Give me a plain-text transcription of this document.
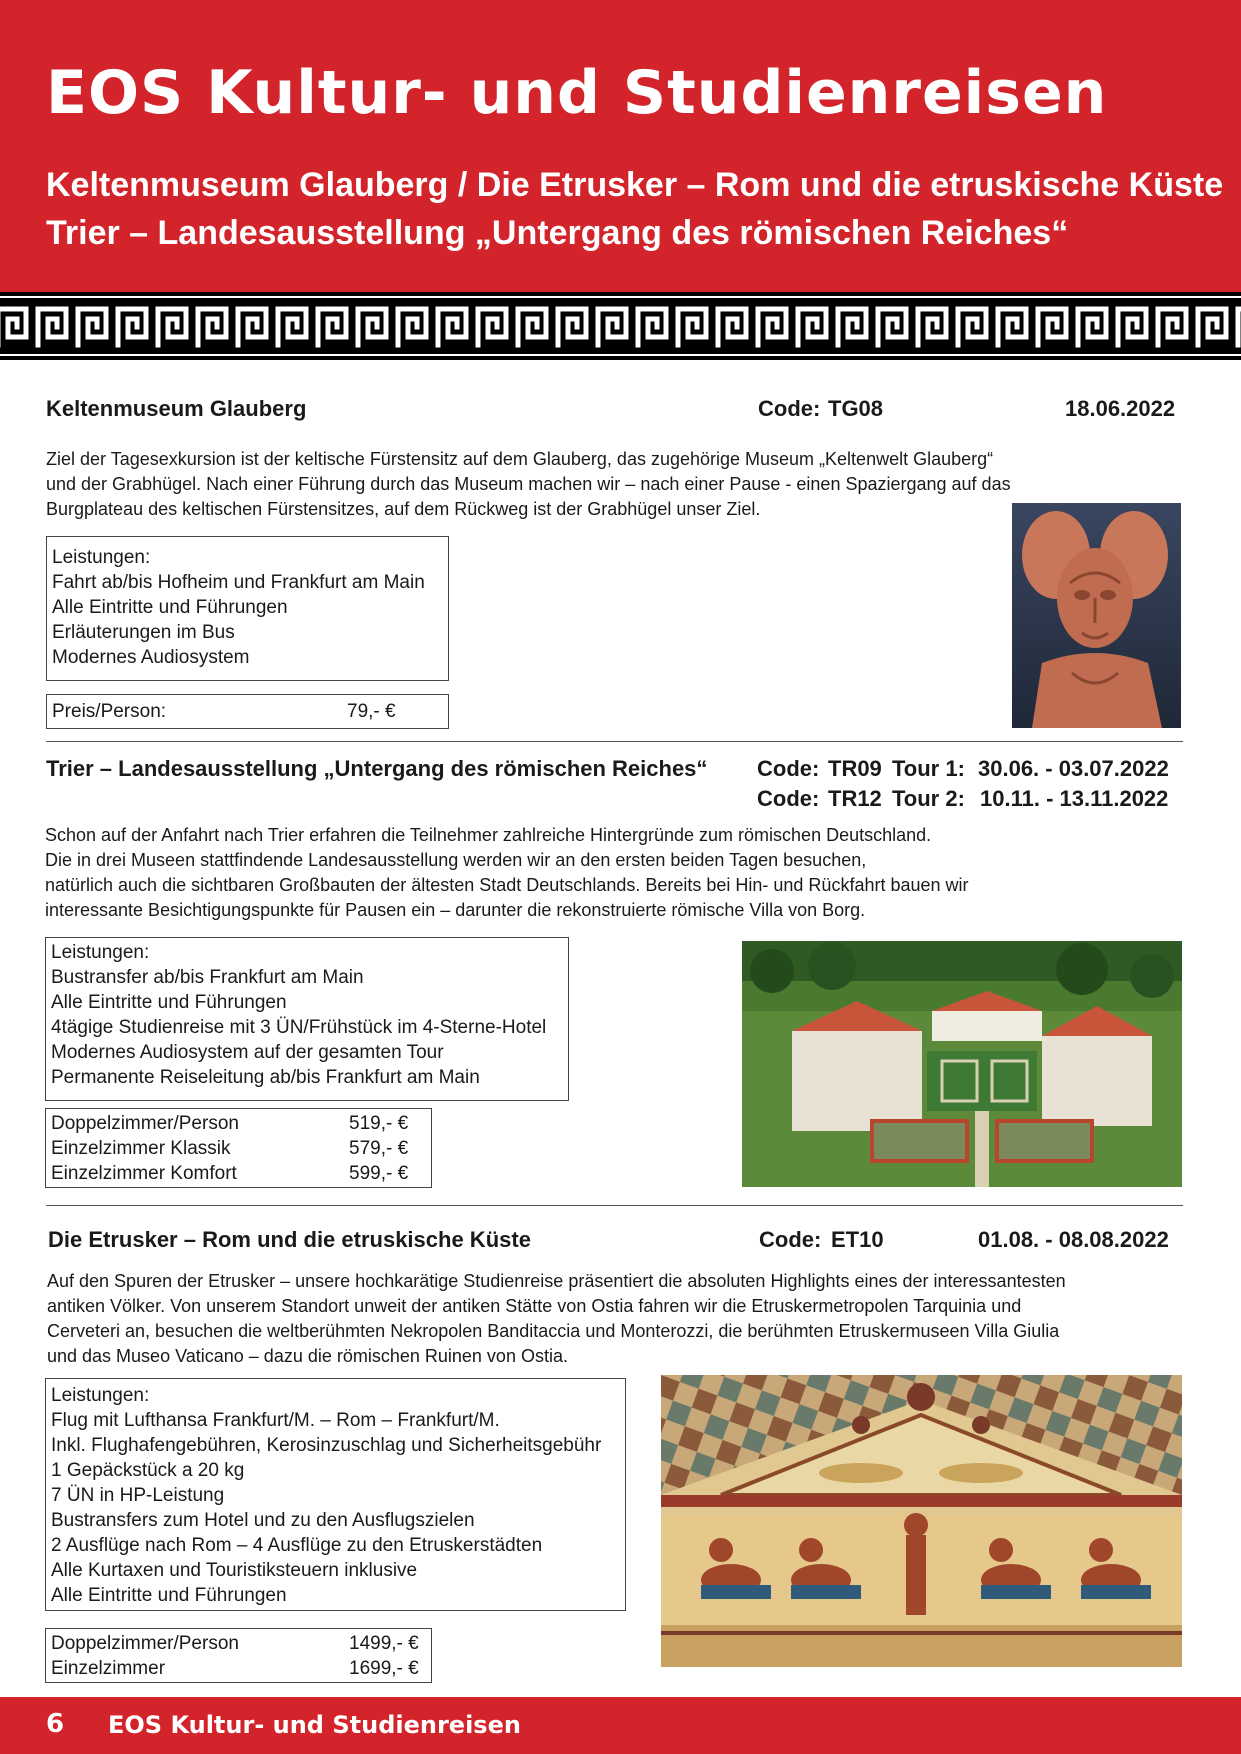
EOS Kultur- und Studienreisen
Keltenmuseum Glauberg / Die Etrusker – Rom und die etruskische Küste
Trier – Landesausstellung „Untergang des römischen Reiches“
Keltenmuseum Glauberg	Code: TG08	18.06.2022
Ziel der Tagesexkursion ist der keltische Fürstensitz auf dem Glauberg, das zugehörige Museum „Keltenwelt Glauberg“
und der Grabhügel. Nach einer Führung durch das Museum machen wir – nach einer Pause - einen Spaziergang auf das
Burgplateau des keltischen Fürstensitzes, auf dem Rückweg ist der Grabhügel unser Ziel.
Leistungen:
Fahrt ab/bis Hofheim und Frankfurt am Main
Alle Eintritte und Führungen
Erläuterungen im Bus
Modernes Audiosystem
Preis/Person:	79,- €
Trier – Landesausstellung „Untergang des römischen Reiches“ Code: TR09 Tour 1: 30.06. - 03.07.2022
Code: TR12 Tour 2: 10.11. - 13.11.2022
Schon auf der Anfahrt nach Trier erfahren die Teilnehmer zahlreiche Hintergründe zum römischen Deutschland.
Die in drei Museen stattfindende Landesausstellung werden wir an den ersten beiden Tagen besuchen,
natürlich auch die sichtbaren Großbauten der ältesten Stadt Deutschlands. Bereits bei Hin- und Rückfahrt bauen wir
interessante Besichtigungspunkte für Pausen ein – darunter die rekonstruierte römische Villa von Borg.
Leistungen:
Bustransfer ab/bis Frankfurt am Main
Alle Eintritte und Führungen
4tägige Studienreise mit 3 ÜN/Frühstück im 4-Sterne-Hotel
Modernes Audiosystem auf der gesamten Tour
Permanente Reiseleitung ab/bis Frankfurt am Main
Doppelzimmer/Person	519,- €
Einzelzimmer Klassik	579,- €
Einzelzimmer Komfort	599,- €
Die Etrusker – Rom und die etruskische Küste	Code: ET10	01.08. - 08.08.2022
Auf den Spuren der Etrusker – unsere hochkarätige Studienreise präsentiert die absoluten Highlights eines der interessantesten
antiken Völker. Von unserem Standort unweit der antiken Stätte von Ostia fahren wir die Etruskermetropolen Tarquinia und
Cerveteri an, besuchen die weltberühmten Nekropolen Banditaccia und Monterozzi, die berühmten Etruskermuseen Villa Giulia
und das Museo Vaticano – dazu die römischen Ruinen von Ostia.
Leistungen:
Flug mit Lufthansa Frankfurt/M. – Rom – Frankfurt/M.
Inkl. Flughafengebühren, Kerosinzuschlag und Sicherheitsgebühr
1 Gepäckstück a 20 kg
7 ÜN in HP-Leistung
Bustransfers zum Hotel und zu den Ausflugszielen
2 Ausflüge nach Rom – 4 Ausflüge zu den Etruskerstädten
Alle Kurtaxen und Touristiksteuern inklusive
Alle Eintritte und Führungen
Doppelzimmer/Person	1499,- €
Einzelzimmer	1699,- €
6 EOS Kultur- und Studienreisen
